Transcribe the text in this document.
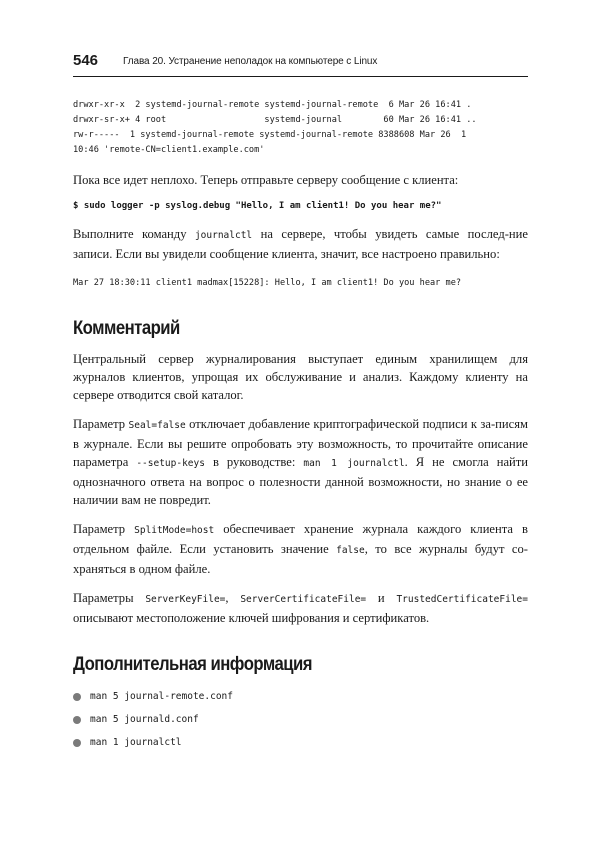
546 Глава 20. Устранение неполадок на компьютере с Linux
drwxr-xr-x  2 systemd-journal-remote systemd-journal-remote  6 Mar 26 16:41 .
drwxr-sr-x+ 4 root                   systemd-journal        60 Mar 26 16:41 ..
rw-r-----  1 systemd-journal-remote systemd-journal-remote 8388608 Mar 26  1
10:46 'remote-CN=client1.example.com'

Пока все идет неплохо. Теперь отправьте серверу сообщение с клиента:

$ sudo logger -p syslog.debug "Hello, I am client1! Do you hear me?"

Выполните команду journalctl на сервере, чтобы увидеть самые послед-ние записи. Если вы увидели сообщение клиента, значит, все настроено правильно:

Mar 27 18:30:11 client1 madmax[15228]: Hello, I am client1! Do you hear me?
Комментарий

Центральный сервер журналирования выступает единым хранилищем для журналов клиентов, упрощая их обслуживание и анализ. Каждому клиенту на сервере отводится свой каталог.

Параметр Seal=false отключает добавление криптографической подписи к за-писям в журнале. Если вы решите опробовать эту возможность, то прочитайте описание параметра --setup-keys в руководстве: man 1 journalctl. Я не смогла найти однозначного ответа на вопрос о полезности данной возможности, но знание о ее наличии вам не повредит.

Параметр SplitMode=host обеспечивает хранение журнала каждого клиента в отдельном файле. Если установить значение false, то все журналы будут со-храняться в одном файле.

Параметры ServerKeyFile=, ServerCertificateFile= и TrustedCertificateFile= описывают местоположение ключей шифрования и сертификатов.

Дополнительная информация
man 5 journal-remote.conf
man 5 journald.conf
man 1 journalctl
